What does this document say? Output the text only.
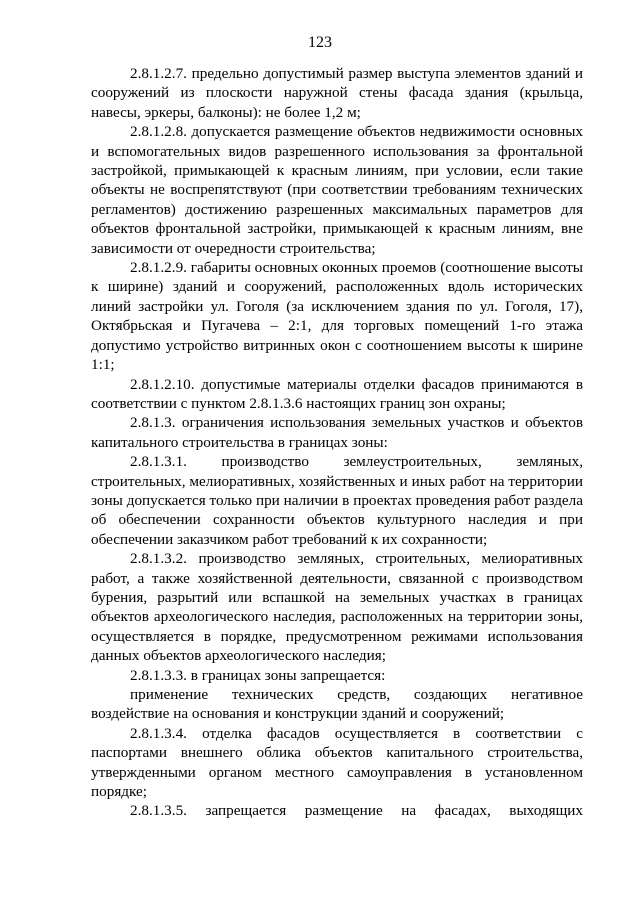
123

2.8.1.2.7. предельно допустимый размер выступа элементов зданий и сооружений из плоскости наружной стены фасада здания (крыльца, навесы, эркеры, балконы): не более 1,2 м;

2.8.1.2.8. допускается размещение объектов недвижимости основных и вспомогательных видов разрешенного использования за фронтальной застройкой, примыкающей к красным линиям, при условии, если такие объекты не воспрепятствуют (при соответствии требованиям технических регламентов) достижению разрешенных максимальных параметров для объектов фронтальной застройки, примыкающей к красным линиям, вне зависимости от очередности строительства;

2.8.1.2.9. габариты основных оконных проемов (соотношение высоты к ширине) зданий и сооружений, расположенных вдоль исторических линий застройки ул. Гоголя (за исключением здания по ул. Гоголя, 17), Октябрьская и Пугачева – 2:1, для торговых помещений 1-го этажа допустимо устройство витринных окон с соотношением высоты к ширине 1:1;

2.8.1.2.10. допустимые материалы отделки фасадов принимаются в соответствии с пунктом 2.8.1.3.6 настоящих границ зон охраны;

2.8.1.3. ограничения использования земельных участков и объектов капитального строительства в границах зоны:

2.8.1.3.1. производство землеустроительных, земляных, строительных, мелиоративных, хозяйственных и иных работ на территории зоны допускается только при наличии в проектах проведения работ раздела об обеспечении сохранности объектов культурного наследия и при обеспечении заказчиком работ требований к их сохранности;

2.8.1.3.2. производство земляных, строительных, мелиоративных работ, а также хозяйственной деятельности, связанной с производством бурения, разрытий или вспашкой на земельных участках в границах объектов археологического наследия, расположенных на территории зоны, осуществляется в порядке, предусмотренном режимами использования данных объектов археологического наследия;

2.8.1.3.3. в границах зоны запрещается:

применение технических средств, создающих негативное воздействие на основания и конструкции зданий и сооружений;

2.8.1.3.4. отделка фасадов осуществляется в соответствии с паспортами внешнего облика объектов капитального строительства, утвержденными органом местного самоуправления в установленном порядке;

2.8.1.3.5. запрещается размещение на фасадах, выходящих
